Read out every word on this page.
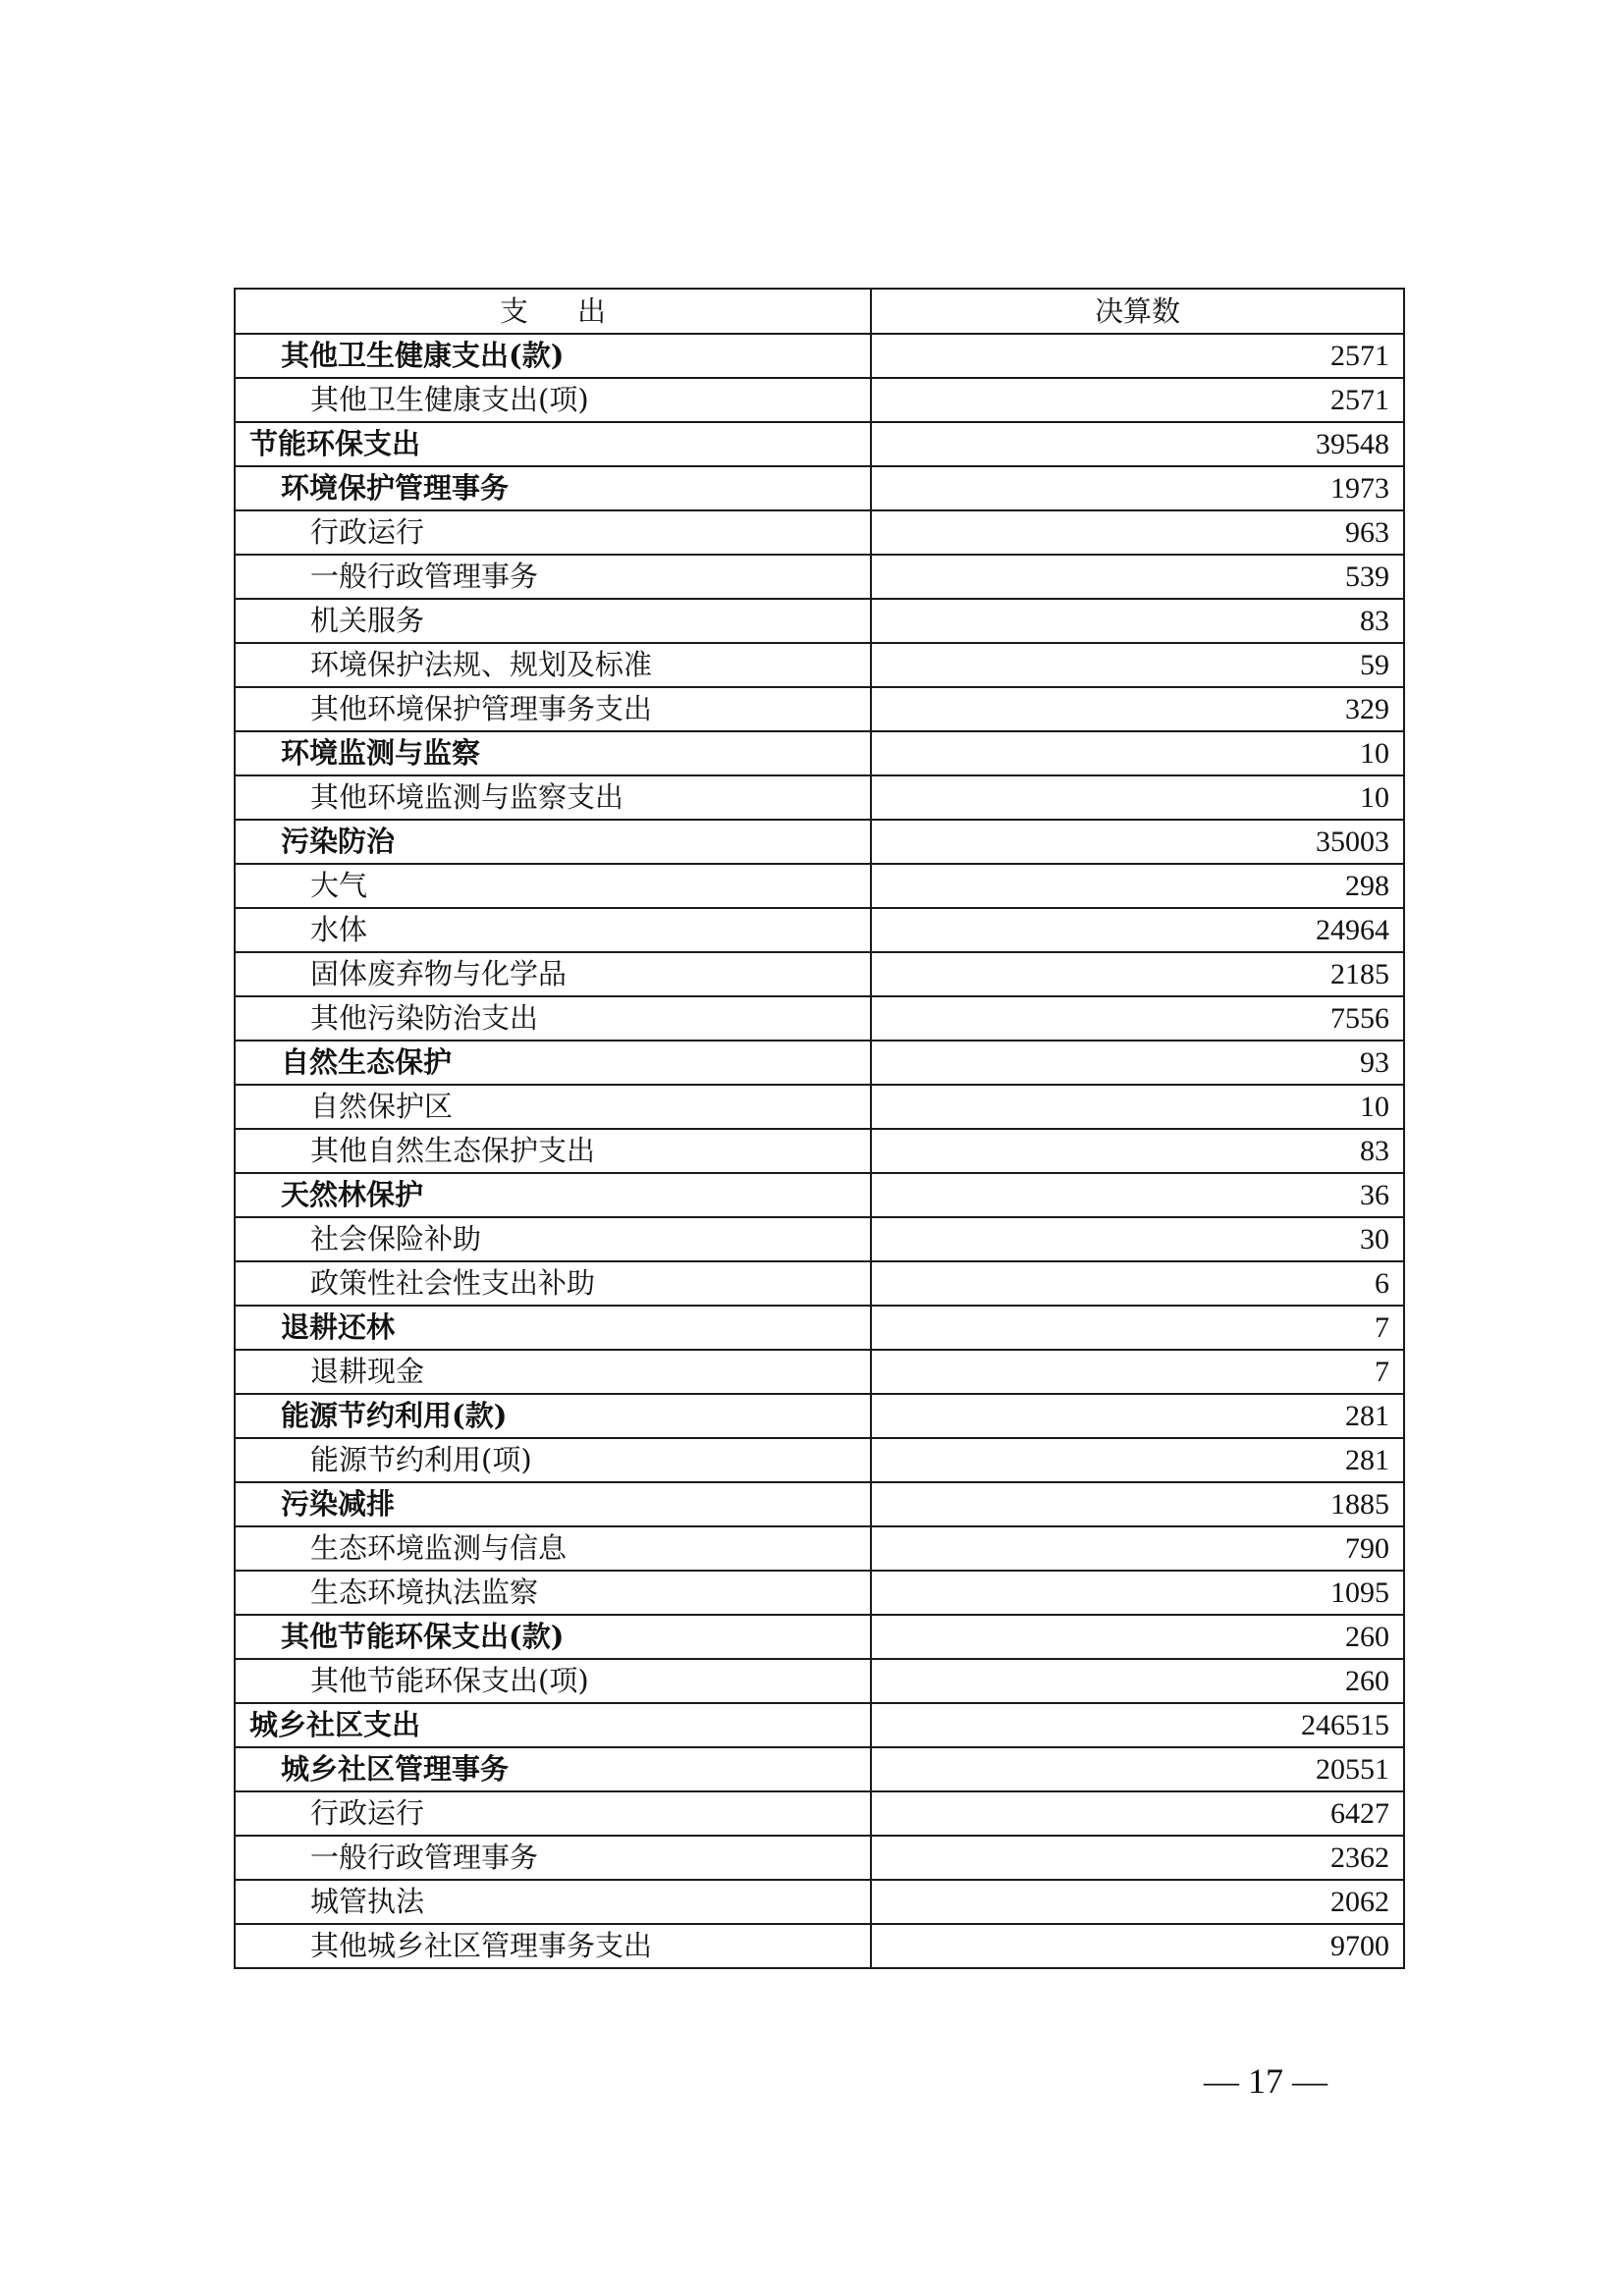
支出	决算数
其他卫生健康支出(款)	2571
其他卫生健康支出(项)	2571
节能环保支出	39548
环境保护管理事务	1973
行政运行	963
一般行政管理事务	539
机关服务	83
环境保护法规、规划及标准	59
其他环境保护管理事务支出	329
环境监测与监察	10
其他环境监测与监察支出	10
污染防治	35003
大气	298
水体	24964
固体废弃物与化学品	2185
其他污染防治支出	7556
自然生态保护	93
自然保护区	10
其他自然生态保护支出	83
天然林保护	36
社会保险补助	30
政策性社会性支出补助	6
退耕还林	7
退耕现金	7
能源节约利用(款)	281
能源节约利用(项)	281
污染减排	1885
生态环境监测与信息	790
生态环境执法监察	1095
其他节能环保支出(款)	260
其他节能环保支出(项)	260
城乡社区支出	246515
城乡社区管理事务	20551
行政运行	6427
一般行政管理事务	2362
城管执法	2062
其他城乡社区管理事务支出	9700
— 17 —
